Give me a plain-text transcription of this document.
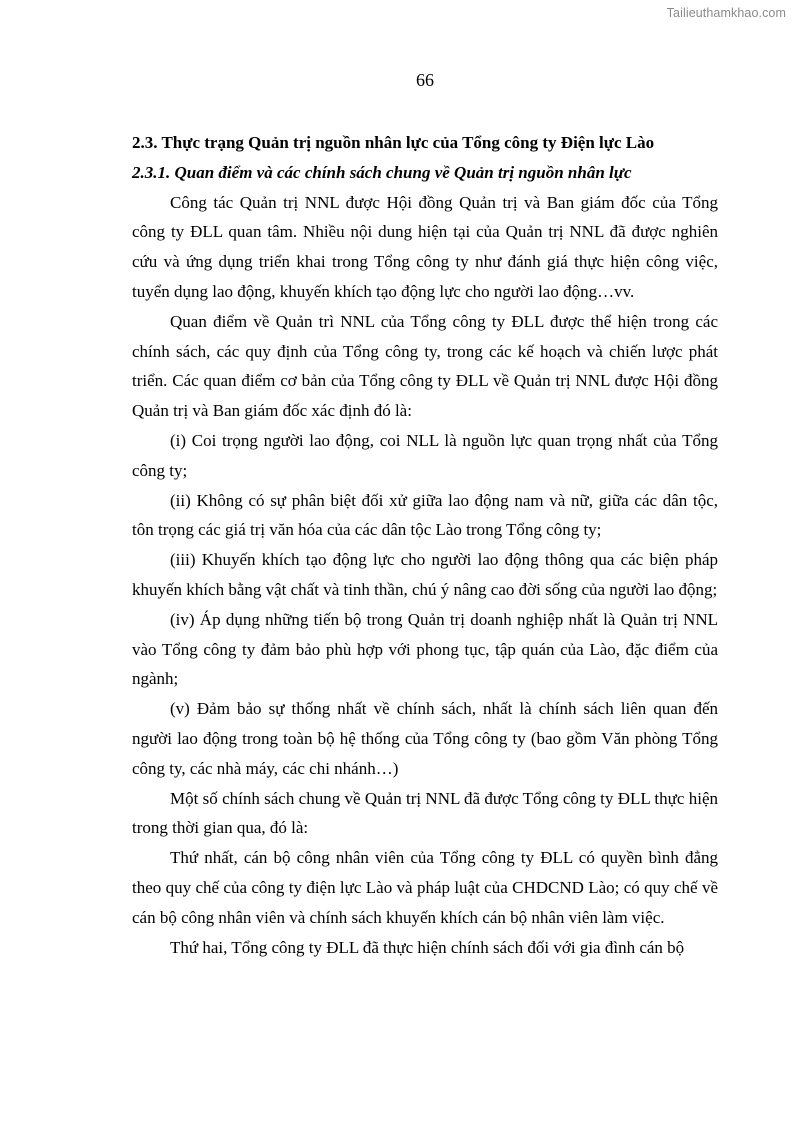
Tailieuthamkhao.com
66
2.3. Thực trạng Quản trị nguồn nhân lực của Tổng công ty Điện lực Lào
2.3.1. Quan điểm và các chính sách chung về Quản trị nguồn nhân lực

Công tác Quản trị NNL được Hội đồng Quản trị và Ban giám đốc của Tổng công ty ĐLL quan tâm. Nhiều nội dung hiện tại của Quản trị NNL đã được nghiên cứu và ứng dụng triển khai trong Tổng công ty như đánh giá thực hiện công việc, tuyển dụng lao động, khuyến khích tạo động lực cho người lao động…vv.

Quan điểm về Quản trì NNL của Tổng công ty ĐLL được thể hiện trong các chính sách, các quy định của Tổng công ty, trong các kế hoạch và chiến lược phát triển. Các quan điểm cơ bản của Tổng công ty ĐLL về Quản trị NNL được Hội đồng Quản trị và Ban giám đốc xác định đó là:

(i) Coi trọng người lao động, coi NLL là nguồn lực quan trọng nhất của Tổng công ty;

(ii) Không có sự phân biệt đối xử giữa lao động nam và nữ, giữa các dân tộc, tôn trọng các giá trị văn hóa của các dân tộc Lào trong Tổng công ty;

(iii) Khuyến khích tạo động lực cho người lao động thông qua các biện pháp khuyến khích bằng vật chất và tinh thần, chú ý nâng cao đời sống của người lao động;

(iv) Áp dụng những tiến bộ trong Quản trị doanh nghiệp nhất là Quản trị NNL vào Tổng công ty đảm bảo phù hợp với phong tục, tập quán của Lào, đặc điểm của ngành;

(v) Đảm bảo sự thống nhất về chính sách, nhất là chính sách liên quan đến người lao động trong toàn bộ hệ thống của Tổng công ty (bao gồm Văn phòng Tổng công ty, các nhà máy, các chi nhánh…)

Một số chính sách chung về Quản trị NNL đã được Tổng công ty ĐLL thực hiện trong thời gian qua, đó là:

Thứ nhất, cán bộ công nhân viên của Tổng công ty ĐLL có quyền bình đẳng theo quy chế của công ty điện lực Lào và pháp luật của CHDCND Lào; có quy chế về cán bộ công nhân viên và chính sách khuyến khích cán bộ nhân viên làm việc.

Thứ hai, Tổng công ty ĐLL đã thực hiện chính sách đối với gia đình cán bộ
